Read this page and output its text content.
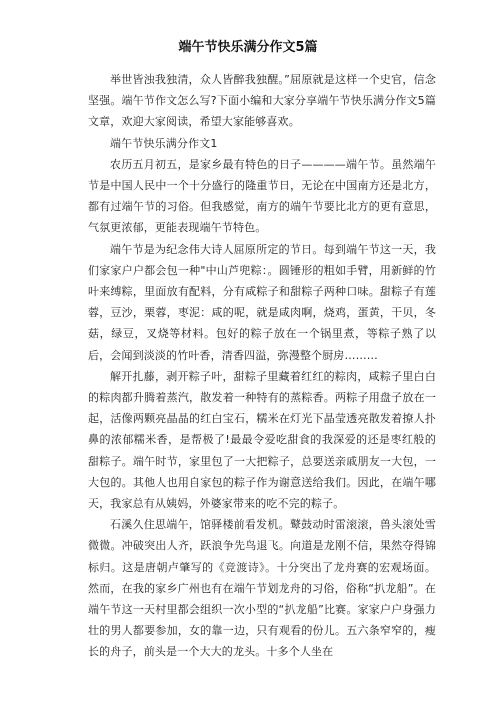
端午节快乐满分作文5篇

举世皆浊我独清，众人皆醉我独醒。”屈原就是这样一个史官，信念坚强。端午节作文怎么写?下面小编和大家分享端午节快乐满分作文5篇文章，欢迎大家阅读，希望大家能够喜欢。

端午节快乐满分作文1

农历五月初五，是家乡最有特色的日子————端午节。虽然端午节是中国人民中一个十分盛行的隆重节日，无论在中国南方还是北方，都有过端午节的习俗。但我感觉，南方的端午节要比北方的更有意思，气氛更浓郁，更能表现端午节特色。

端午节是为纪念伟大诗人屈原所定的节日。每到端午节这一天，我们家家户户都会包一种"中山芦兜粽：。圆锤形的粗如手臂，用新鲜的竹叶来缚粽，里面放有配料，分有咸粽子和甜粽子两种口味。甜粽子有莲蓉，豆沙，栗蓉，枣泥：咸的呢，就是咸肉啊，烧鸡，蛋黄，干贝，冬菇，绿豆，叉烧等材料。包好的粽子放在一个锅里煮，等粽子熟了以后，会闻到淡淡的竹叶香，清香四溢，弥漫整个厨房………

解开扎藤，剥开粽子叶，甜粽子里藏着红红的粽肉，咸粽子里白白的粽肉都升腾着蒸汽，散发着一种特有的蒸粽香。两粽子用盘子放在一起，活像两颗亮晶晶的红白宝石，糯米在灯光下晶莹透亮散发着撩人扑鼻的浓郁糯米香，是帮极了!最最令爱吃甜食的我深爱的还是枣红般的甜粽子。端午时节，家里包了一大把粽子，总要送亲戚朋友一大包，一大包的。其他人也用自家包的粽子作为谢意送给我们。因此，在端午哪天，我家总有从姨妈，外婆家带来的吃不完的粽子。

石溪久住思端午，馆驿楼前看发机。鼙鼓动时雷滚滚，兽头滚处雪微微。冲破突出人齐，跃浪争先鸟退飞。向道是龙刚不信，果然夺得锦标归。这是唐朝卢肇写的《竞渡诗》。十分突出了龙舟赛的宏观场面。然而，在我的家乡广州也有在端午节划龙舟的习俗，俗称“扒龙船”。在端午节这一天村里都会组织一次小型的“扒龙船”比赛。家家户户身强力壮的男人都要参加，女的靠一边，只有观看的份儿。五六条窄窄的，瘦长的舟子，前头是一个大大的龙头。十多个人坐在
